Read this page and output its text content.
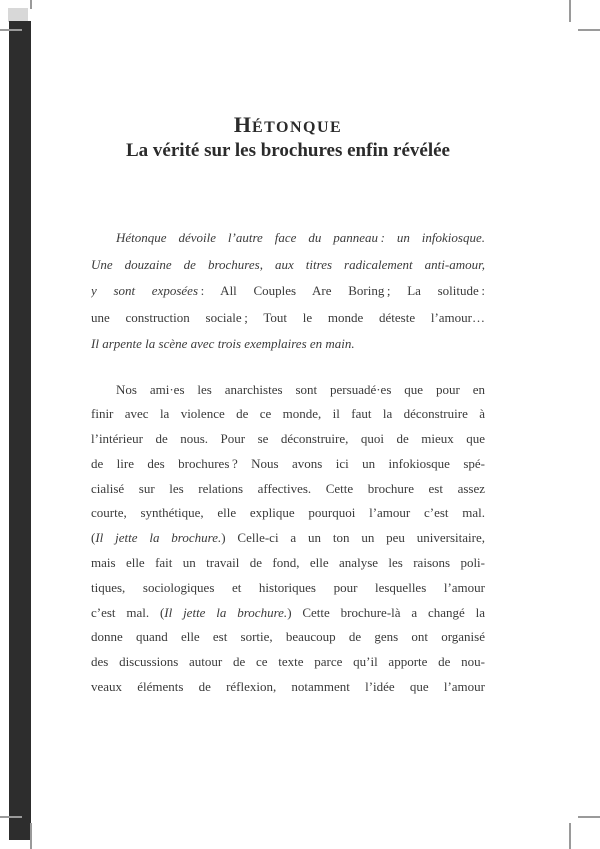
HÉTONQUE
La vérité sur les brochures enfin révélée
Hétonque dévoile l’autre face du panneau : un infokiosque.
Une douzaine de brochures, aux titres radicalement anti-amour,
y sont exposées : All Couples Are Boring ; La solitude :
une construction sociale ; Tout le monde déteste l’amour…
Il arpente la scène avec trois exemplaires en main.
Nos ami·es les anarchistes sont persuadé·es que pour en
finir avec la violence de ce monde, il faut la déconstruire à
l’intérieur de nous. Pour se déconstruire, quoi de mieux que
de lire des brochures ? Nous avons ici un infokiosque spé-
cialisé sur les relations affectives. Cette brochure est assez
courte, synthétique, elle explique pourquoi l’amour c’est mal.
(Il jette la brochure.) Celle-ci a un ton un peu universitaire,
mais elle fait un travail de fond, elle analyse les raisons poli-
tiques, sociologiques et historiques pour lesquelles l’amour
c’est mal. (Il jette la brochure.) Cette brochure-là a changé la
donne quand elle est sortie, beaucoup de gens ont organisé
des discussions autour de ce texte parce qu’il apporte de nou-
veaux éléments de réflexion, notamment l’idée que l’amour
